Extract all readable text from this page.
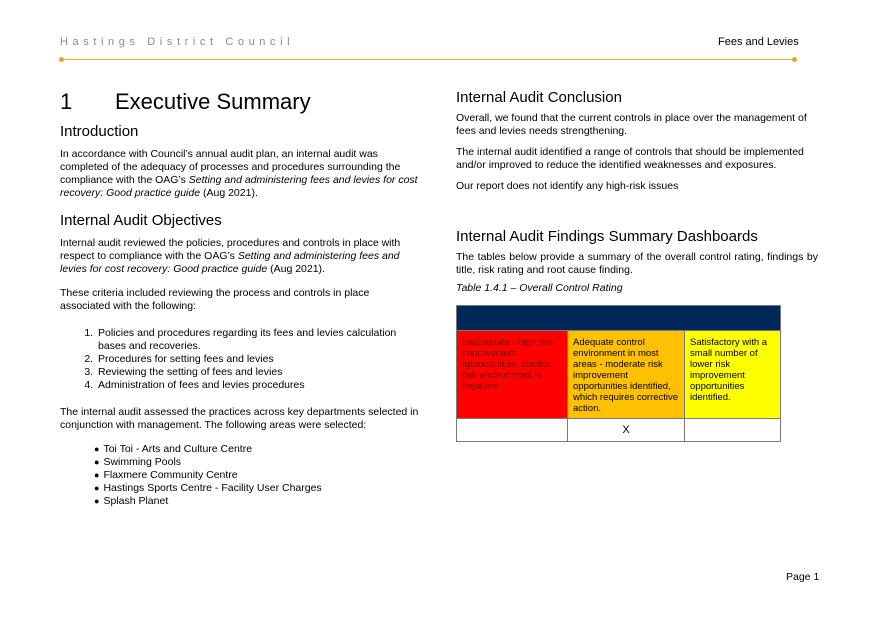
Hastings District Council	Fees and Levies
1	Executive Summary
Introduction

In accordance with Council’s annual audit plan, an internal audit was completed of the adequacy of processes and procedures surrounding the compliance with the OAG’s Setting and administering fees and levies for cost recovery: Good practice guide (Aug 2021).

Internal Audit Objectives

Internal audit reviewed the policies, procedures and controls in place with respect to compliance with the OAG’s Setting and administering fees and levies for cost recovery: Good practice guide (Aug 2021).

These criteria included reviewing the process and controls in place associated with the following:

1. Policies and procedures regarding its fees and levies calculation bases and recoveries.
2. Procedures for setting fees and levies
3. Reviewing the setting of fees and levies
4. Administration of fees and levies procedures

The internal audit assessed the practices across key departments selected in conjunction with management. The following areas were selected:

● Toi Toi - Arts and Culture Centre
● Swimming Pools
● Flaxmere Community Centre
● Hastings Sports Centre - Facility User Charges
● Splash Planet
Internal Audit Conclusion

Overall, we found that the current controls in place over the management of fees and levies needs strengthening.

The internal audit identified a range of controls that should be implemented and/or improved to reduce the identified weaknesses and exposures.

Our report does not identify any high-risk issues

Internal Audit Findings Summary Dashboards

The tables below provide a summary of the overall control rating, findings by title, risk rating and root cause finding.

Table 1.4.1 – Overall Control Rating

Inadequate - high risk improvement opportunities, control risk environment is impaired.	Adequate control environment in most areas - moderate risk improvement opportunities identified, which requires corrective action.	Satisfactory with a small number of lower risk improvement opportunities identified.
	X	
Page 1
